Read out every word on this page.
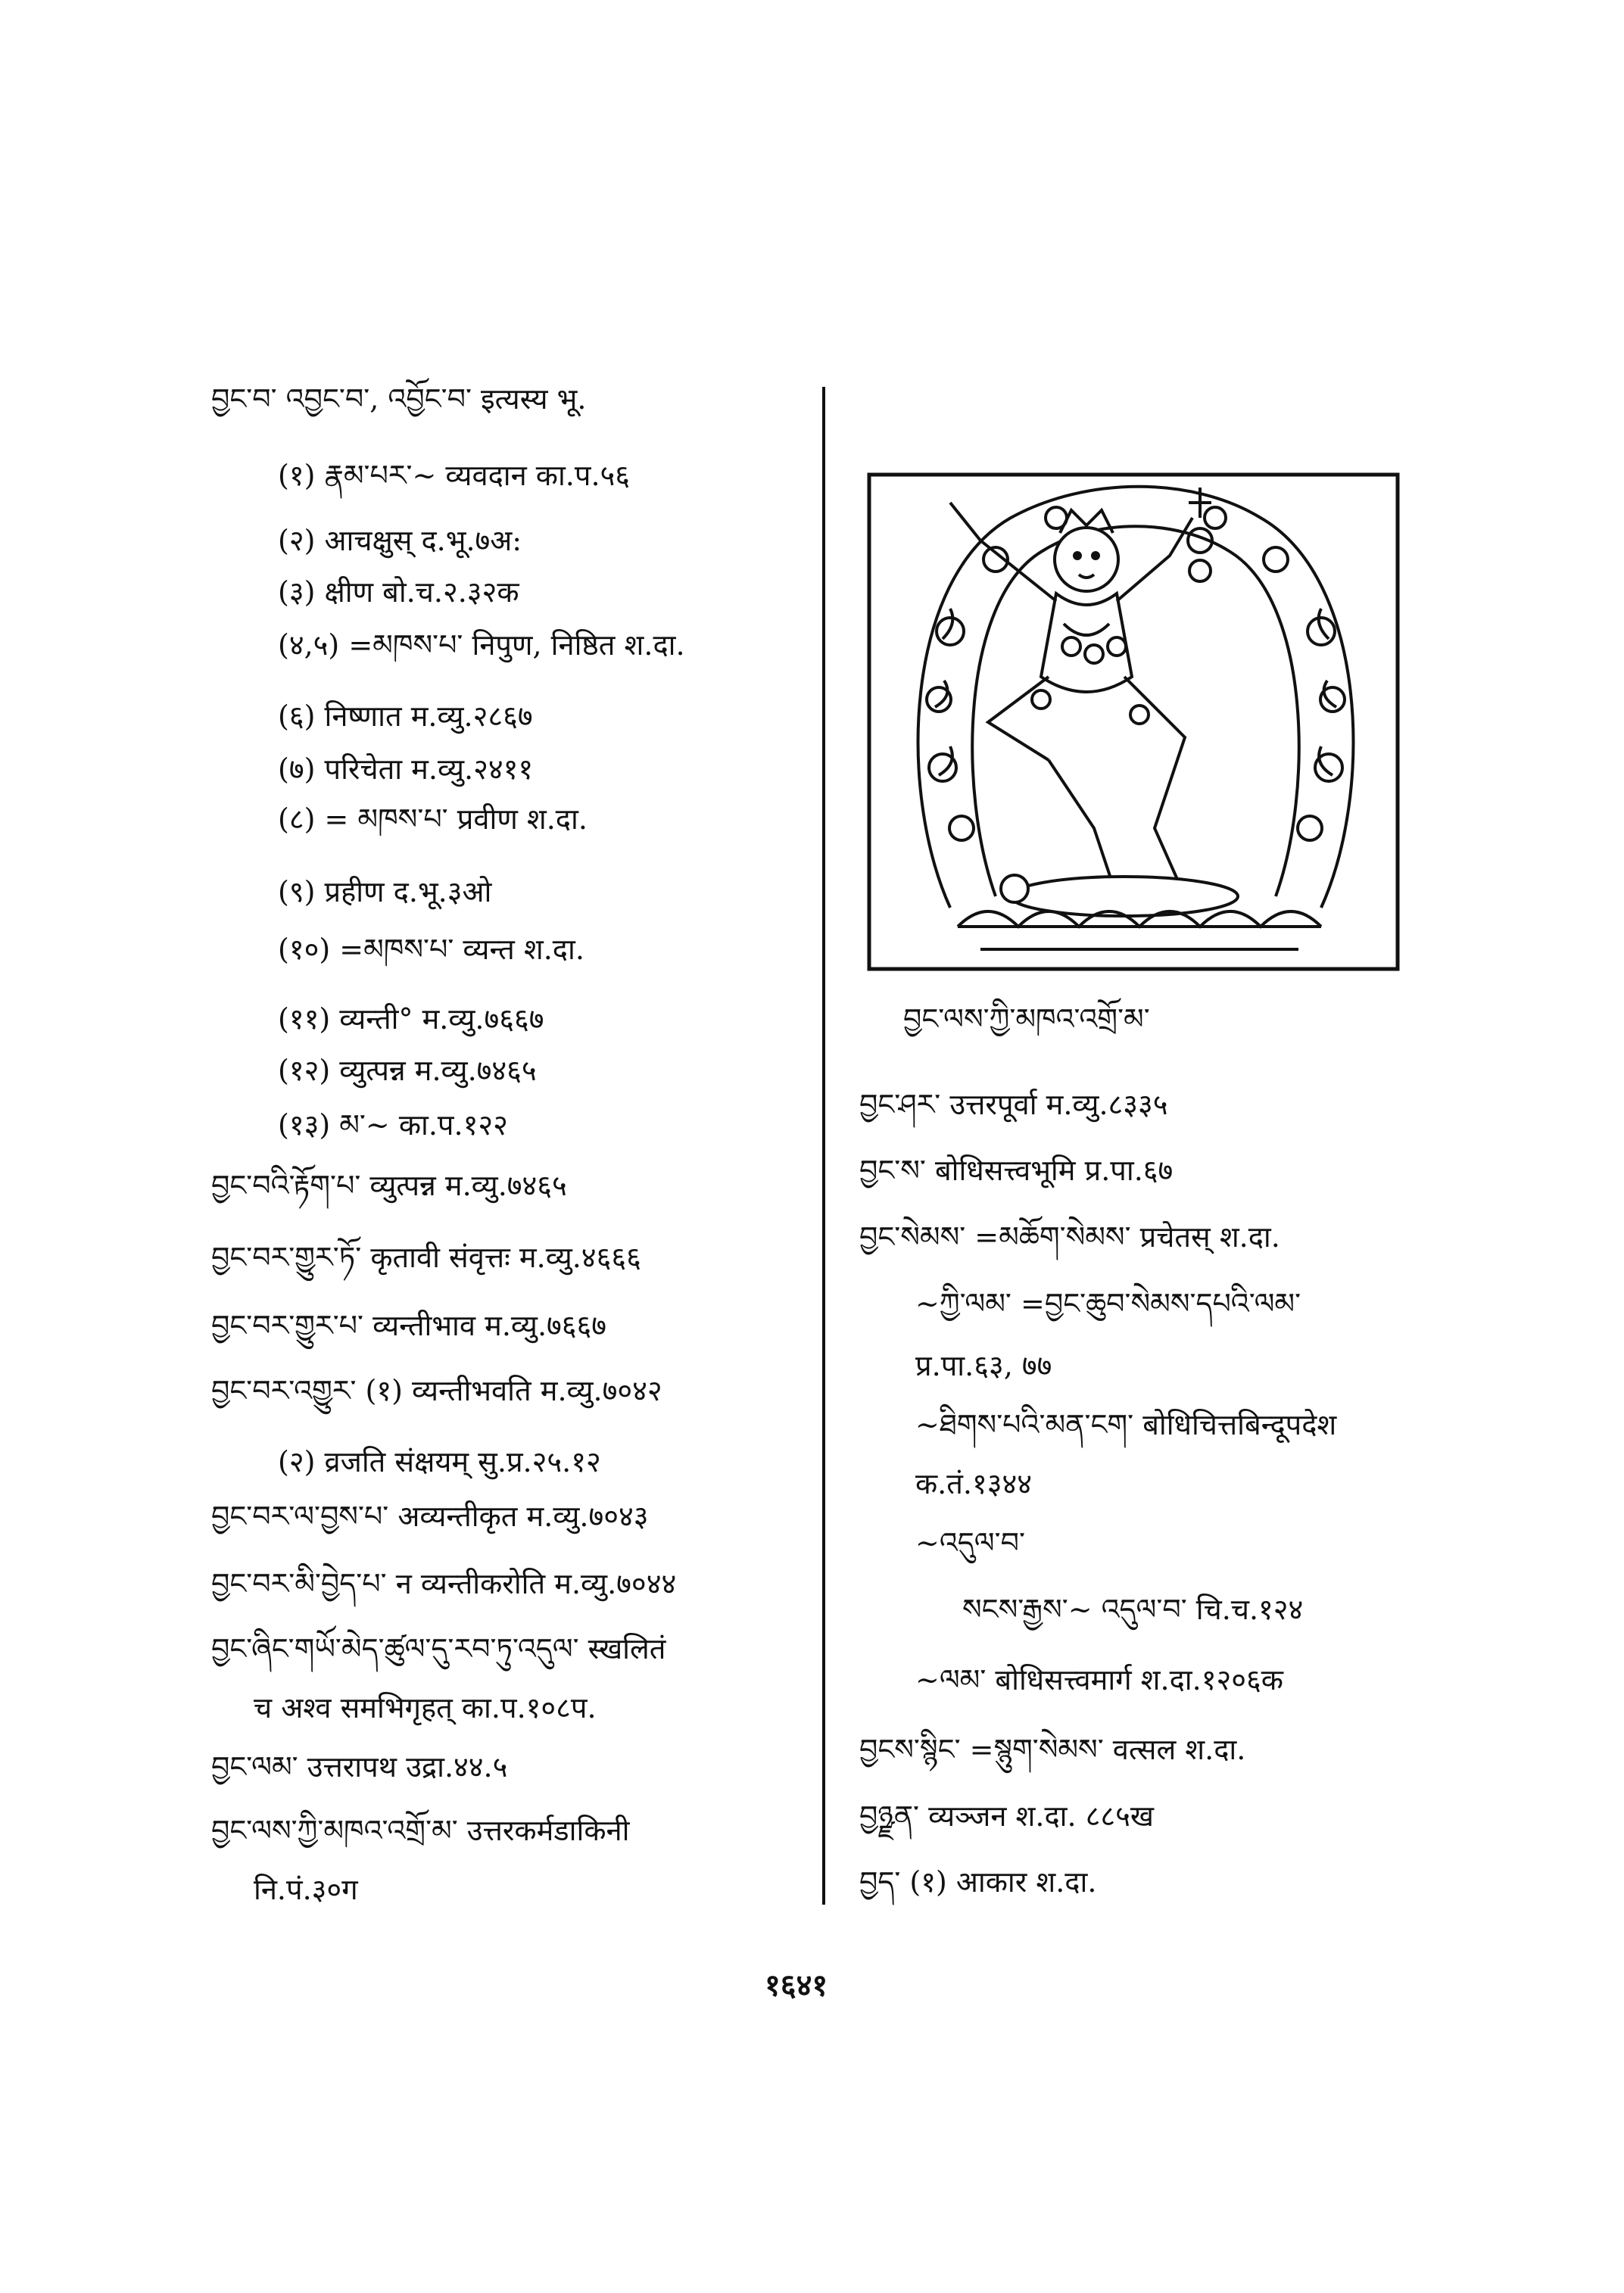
བྱང་བ་ འབྱང་བ་, འབྱོང་བ་ इत्यस्य भू.
(१) རྣམ་པར་~ व्यवदान का.प.५६
(२) आचक्षुस् द.भू.७अ:
(३) क्षीण बो.च.२.३२क
(४,५) =མཁས་པ་ निपुण, निष्ठित श.दा.
(६) निष्णात म.व्यु.२८६७
(७) परिचेता म.व्यु.२४११
(८) = མཁས་པ་ प्रवीण श.दा.
(९) प्रहीण द.भू.३ओ
(१०) =མཁས་པ་ व्यन्त श.दा.
(११) व्यन्ती° म.व्यु.७६६७
(१२) व्युत्पन्न म.व्यु.७४६५
(१३) མ་~ का.प.१२२
བྱང་བའི་རྟོག་པ་ व्युत्पन्न म.व्यु.७४६५
བྱང་བར་གྱུར་ཏོ་ कृतावी संवृत्तः म.व्यु.४६६६
བྱང་བར་གྱུར་པ་ व्यन्तीभाव म.व्यु.७६६७
བྱང་བར་འགྱུར་ (१) व्यन्तीभवति म.व्यु.७०४२
(२) व्रजति संक्षयम् सु.प्र.२५.१२
བྱང་བར་ལ་བྱས་པ་ अव्यन्तीकृत म.व्यु.७०४३
བྱང་བར་མི་བྱེད་པ་ न व्यन्तीकरोति म.व्यु.७०४४
བྱང་ཞིང་གཡོ་མེད་ཚུལ་དུ་རབ་ཏུ་འདུལ་ स्खलितं
च अश्व समभिगृहत् का.प.१०८प.
བྱང་ལམ་ उत्तरापथ उद्रा.४४.५
བྱང་ལས་ཀྱི་མཁའ་འགྲོ་མ་ उत्तरकर्मडाकिनी
नि.पं.३०ग
བྱང་ལས་ཀྱི་མཁའ་འགྲོ་མ་
བྱང་ཤར་ उत्तरपूर्वा म.व्यु.८३३५
བྱང་ས་ बोधिसत्त्वभूमि प्र.पा.६७
བྱང་སེམས་ =མཆོག་སེམས་ प्रचेतस् श.दा.
~ཀྱི་ལམ་ =བྱང་ཆུབ་སེམས་དཔའི་ལམ་
प्र.पा.६३, ७७
~ཐིགས་པའི་མན་ངག་ बोधिचित्तबिन्दूपदेश
क.तं.१३४४
~འདུལ་བ་
སངས་རྒྱས་~ འདུལ་བ་ चि.च.१२४
~ལམ་ बोधिसत्त्वमार्ग श.दा.१२०६क
བྱངས་སྙིང་ =སྙུག་སེམས་ वत्सल श.दा.
བྱཉྫན་ व्यञ्जन श.दा. ८८५ख
བྱད་ (१) आकार श.दा.
१६४१
